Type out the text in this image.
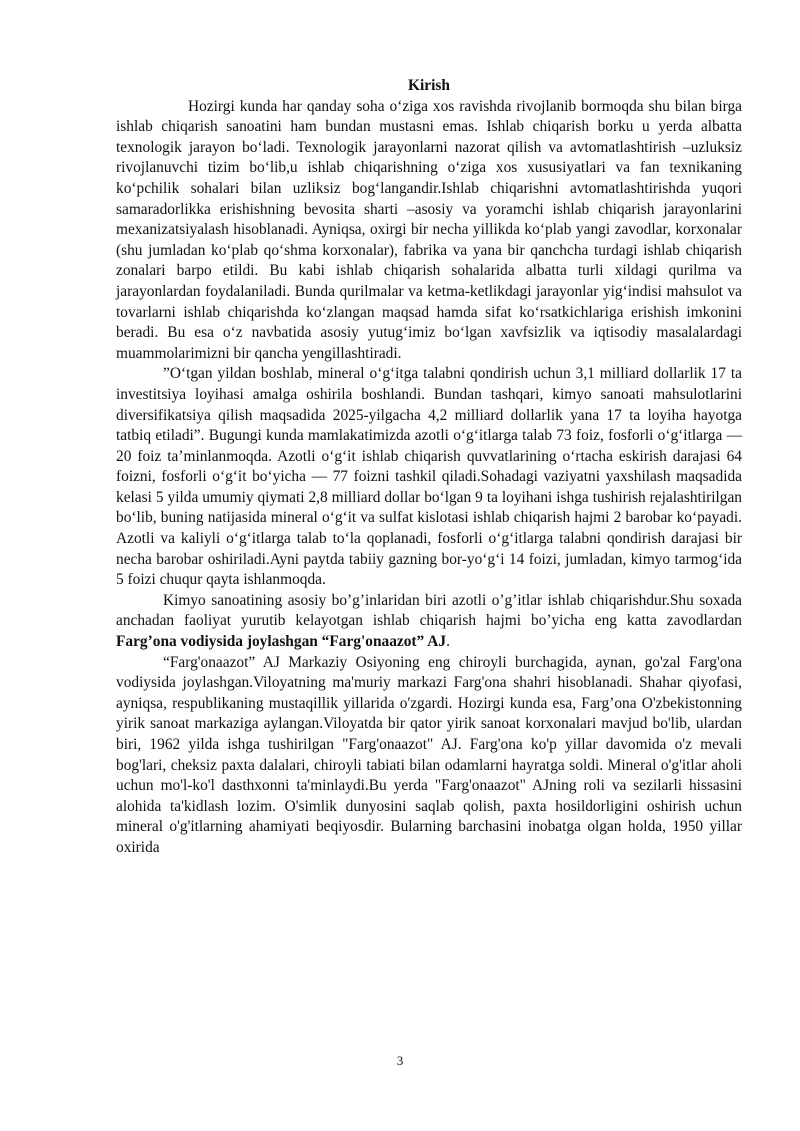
Kirish

Hozirgi kunda har qanday soha o‘ziga xos ravishda rivojlanib bormoqda shu bilan birga ishlab chiqarish sanoatini ham bundan mustasni emas. Ishlab chiqarish borku u yerda albatta texnologik jarayon bo‘ladi. Texnologik jarayonlarni nazorat qilish va avtomatlashtirish –uzluksiz rivojlanuvchi tizim bo‘lib,u ishlab chiqarishning o‘ziga xos xususiyatlari va fan texnikaning ko‘pchilik sohalari bilan uzliksiz bog‘langandir.Ishlab chiqarishni avtomatlashtirishda yuqori samaradorlikka erishishning bevosita sharti –asosiy va yoramchi ishlab chiqarish jarayonlarini mexanizatsiyalash hisoblanadi. Ayniqsa, oxirgi bir necha yillikda ko‘plab yangi zavodlar, korxonalar (shu jumladan ko‘plab qo‘shma korxonalar), fabrika va yana bir qanchcha turdagi ishlab chiqarish zonalari barpo etildi. Bu kabi ishlab chiqarish sohalarida albatta turli xildagi qurilma va jarayonlardan foydalaniladi. Bunda qurilmalar va ketma-ketlikdagi jarayonlar yig‘indisi mahsulot va tovarlarni ishlab chiqarishda ko‘zlangan maqsad hamda sifat ko‘rsatkichlariga erishish imkonini beradi. Bu esa o‘z navbatida asosiy yutug‘imiz bo‘lgan xavfsizlik va iqtisodiy masalalardagi muammolarimizni bir qancha yengillashtiradi.

”O‘tgan yildan boshlab, mineral o‘g‘itga talabni qondirish uchun 3,1 milliard dollarlik 17 ta investitsiya loyihasi amalga oshirila boshlandi. Bundan tashqari, kimyo sanoati mahsulotlarini diversifikatsiya qilish maqsadida 2025-yilgacha 4,2 milliard dollarlik yana 17 ta loyiha hayotga tatbiq etiladi”. Bugungi kunda mamlakatimizda azotli o‘g‘itlarga talab 73 foiz, fosforli o‘g‘itlarga — 20 foiz ta’minlanmoqda. Azotli o‘g‘it ishlab chiqarish quvvatlarining o‘rtacha eskirish darajasi 64 foizni, fosforli o‘g‘it bo‘yicha — 77 foizni tashkil qiladi.Sohadagi vaziyatni yaxshilash maqsadida kelasi 5 yilda umumiy qiymati 2,8 milliard dollar bo‘lgan 9 ta loyihani ishga tushirish rejalashtirilgan bo‘lib, buning natijasida mineral o‘g‘it va sulfat kislotasi ishlab chiqarish hajmi 2 barobar ko‘payadi. Azotli va kaliyli o‘g‘itlarga talab to‘la qoplanadi, fosforli o‘g‘itlarga talabni qondirish darajasi bir necha barobar oshiriladi.Ayni paytda tabiiy gazning bor-yo‘g‘i 14 foizi, jumladan, kimyo tarmog‘ida 5 foizi chuqur qayta ishlanmoqda.

Kimyo sanoatining asosiy bo’g’inlaridan biri azotli o’g’itlar ishlab chiqarishdur.Shu soxada anchadan faoliyat yurutib kelayotgan ishlab chiqarish hajmi bo’yicha eng katta zavodlardan Farg’ona vodiysida joylashgan “Farg'onaazot” AJ.

“Farg'onaazot” AJ Markaziy Osiyoning eng chiroyli burchagida, aynan, go'zal Farg'ona vodiysida joylashgan.Viloyatning ma'muriy markazi Farg'ona shahri hisoblanadi. Shahar qiyofasi, ayniqsa, respublikaning mustaqillik yillarida o'zgardi. Hozirgi kunda esa, Farg’ona O'zbekistonning yirik sanoat markaziga aylangan.Viloyatda bir qator yirik sanoat korxonalari mavjud bo'lib, ulardan biri, 1962 yilda ishga tushirilgan "Farg'onaazot" AJ. Farg'ona ko'p yillar davomida o'z mevali bog'lari, cheksiz paxta dalalari, chiroyli tabiati bilan odamlarni hayratga soldi. Mineral o'g'itlar aholi uchun mo'l-ko'l dasthxonni ta'minlaydi.Bu yerda "Farg'onaazot" AJning roli va sezilarli hissasini alohida ta'kidlash lozim. O'simlik dunyosini saqlab qolish, paxta hosildorligini oshirish uchun mineral o'g'itlarning ahamiyati beqiyosdir. Bularning barchasini inobatga olgan holda, 1950 yillar oxirida

3
